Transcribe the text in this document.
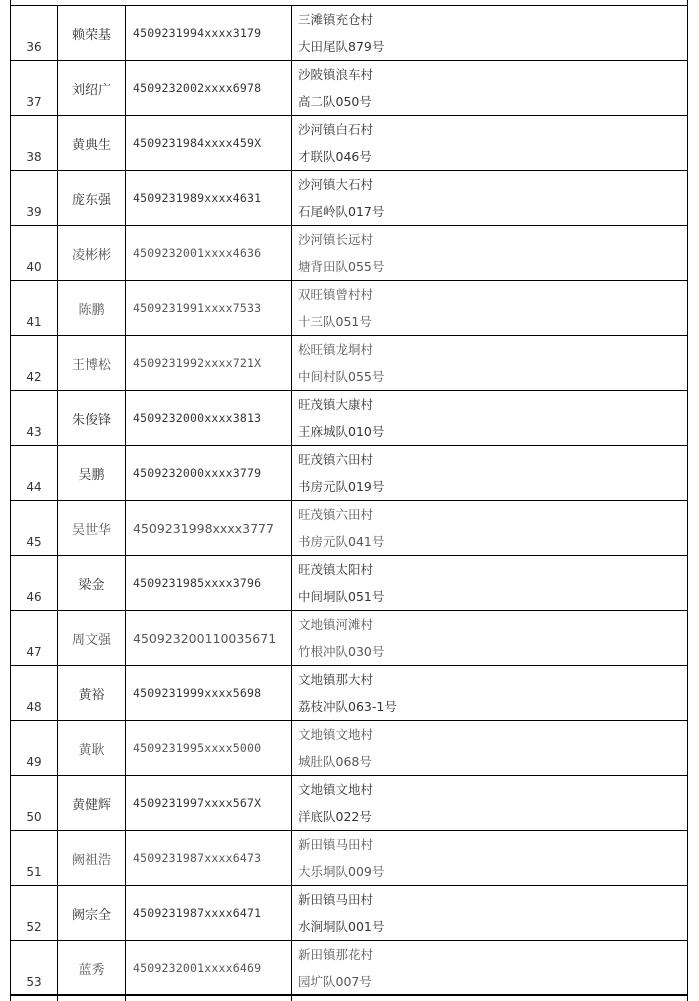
36	赖荣基	4509231994xxxx3179	三滩镇充仓村
大田尾队879号

37	刘绍广	4509232002xxxx6978	沙陂镇浪车村
高二队050号

38	黄典生	4509231984xxxx459X	沙河镇白石村
才联队046号

39	庞东强	4509231989xxxx4631	沙河镇大石村
石尾岭队017号

40	凌彬彬	4509232001xxxx4636	沙河镇长远村
塘背田队055号

41	陈鹏	4509231991xxxx7533	双旺镇曾村村
十三队051号

42	王博松	4509231992xxxx721X	松旺镇龙垌村
中间村队055号

43	朱俊锋	4509232000xxxx3813	旺茂镇大康村
王庥城队010号

44	吴鹏	4509232000xxxx3779	旺茂镇六田村
书房元队019号

45	吴世华	4509231998xxxx3777	旺茂镇六田村
书房元队041号

46	梁金	4509231985xxxx3796	旺茂镇太阳村
中间垌队051号

47	周文强	450923200110035671	文地镇河滩村
竹根冲队030号

48	黄裕	4509231999xxxx5698	文地镇那大村
荔枝冲队063-1号

49	黄耿	4509231995xxxx5000	文地镇文地村
城肚队068号

50	黄健辉	4509231997xxxx567X	文地镇文地村
洋底队022号

51	阙祖浩	4509231987xxxx6473	新田镇马田村
大乐垌队009号

52	阙宗全	4509231987xxxx6471	新田镇马田村
水涧垌队001号

53	蓝秀	4509232001xxxx6469	新田镇那花村
园圹队007号
